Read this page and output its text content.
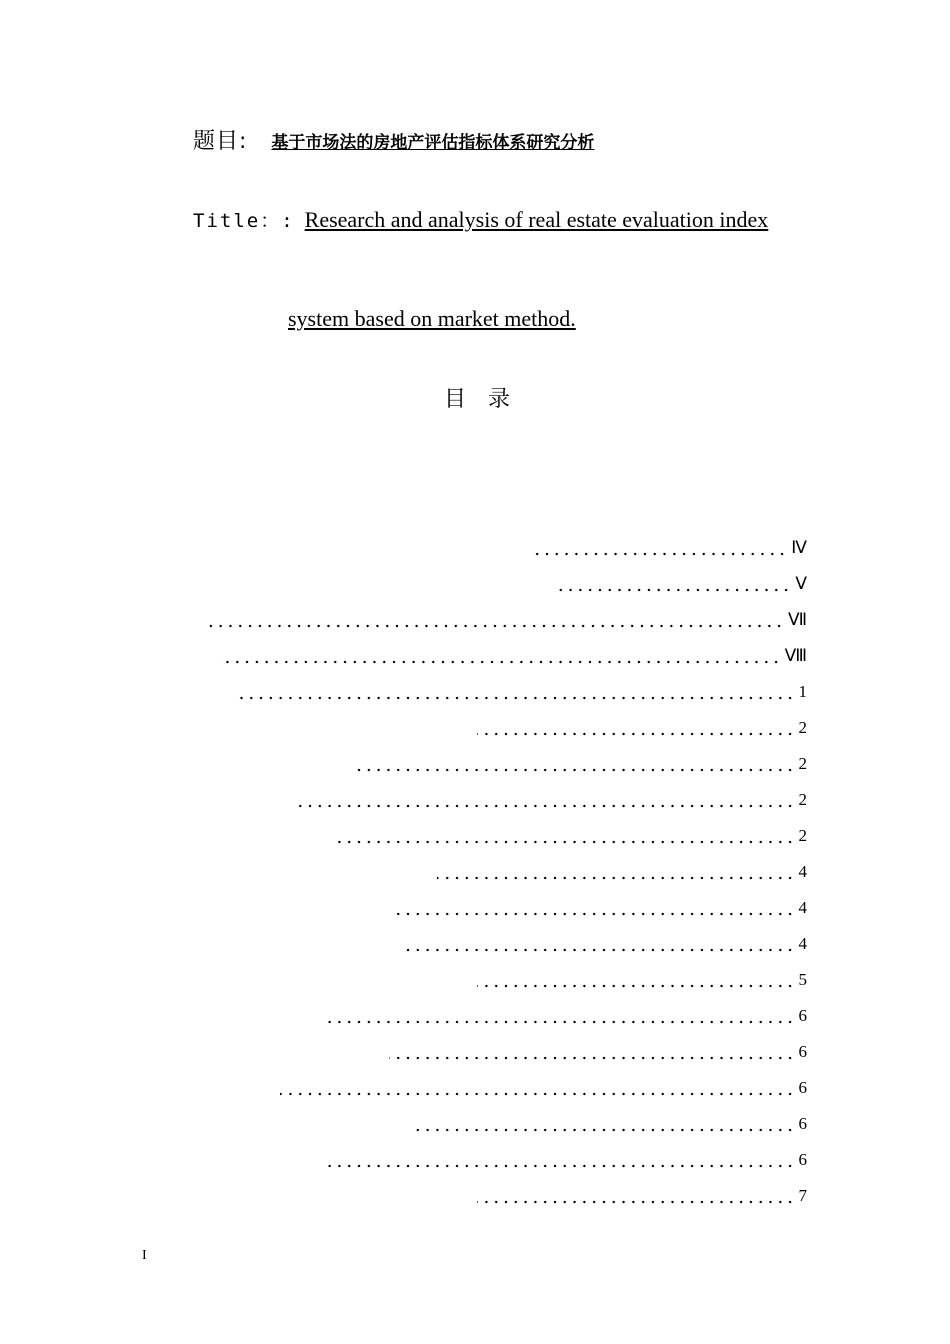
题目: 基于市场法的房地产评估指标体系研究分析
Title：: Research and analysis of real estate evaluation index
system based on market method.
目录
Ⅳ
Ⅴ
Ⅶ
Ⅷ
1
2
2
2
2
4
4
4
5
6
6
6
6
6
7
I
